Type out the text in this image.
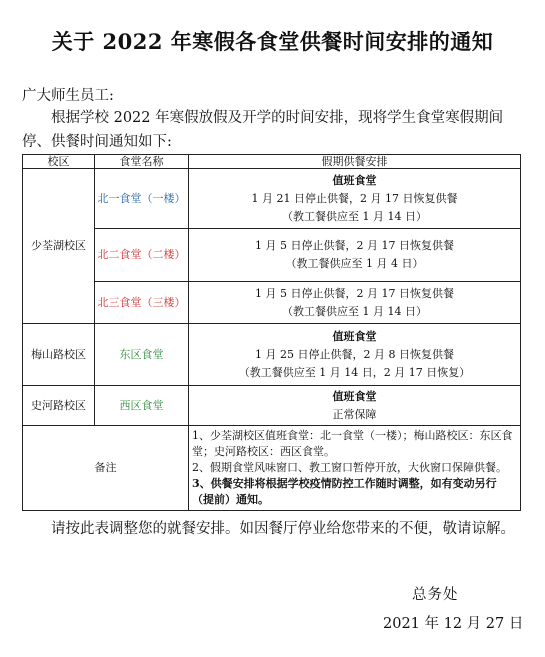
关于 2022 年寒假各食堂供餐时间安排的通知
广大师生员工:
根据学校 2022 年寒假放假及开学的时间安排，现将学生食堂寒假期间停、供餐时间通知如下:
校区	食堂名称	假期供餐安排
少荃湖校区	北一食堂（一楼）	值班食堂
1 月 21 日停止供餐，2 月 17 日恢复供餐
（教工餐供应至 1 月 14 日）

	北二食堂（二楼）	1 月 5 日停止供餐，2 月 17 日恢复供餐
（教工餐供应至 1 月 4 日）

	北三食堂（三楼）	1 月 5 日停止供餐，2 月 17 日恢复供餐
（教工餐供应至 1 月 14 日）

梅山路校区	东区食堂	值班食堂
1 月 25 日停止供餐，2 月 8 日恢复供餐
（教工餐供应至 1 月 14 日，2 月 17 日恢复）

史河路校区	西区食堂	值班食堂
正常保障

备注		1、少荃湖校区值班食堂：北一食堂（一楼）；梅山路校区：东区食堂；史河路校区：西区食堂。
2、假期食堂风味窗口、教工窗口暂停开放，大伙窗口保障供餐。
3、供餐安排将根据学校疫情防控工作随时调整，如有变动另行（提前）通知。
请按此表调整您的就餐安排。如因餐厅停业给您带来的不便，敬请谅解。
总务处
2021 年 12 月 27 日
